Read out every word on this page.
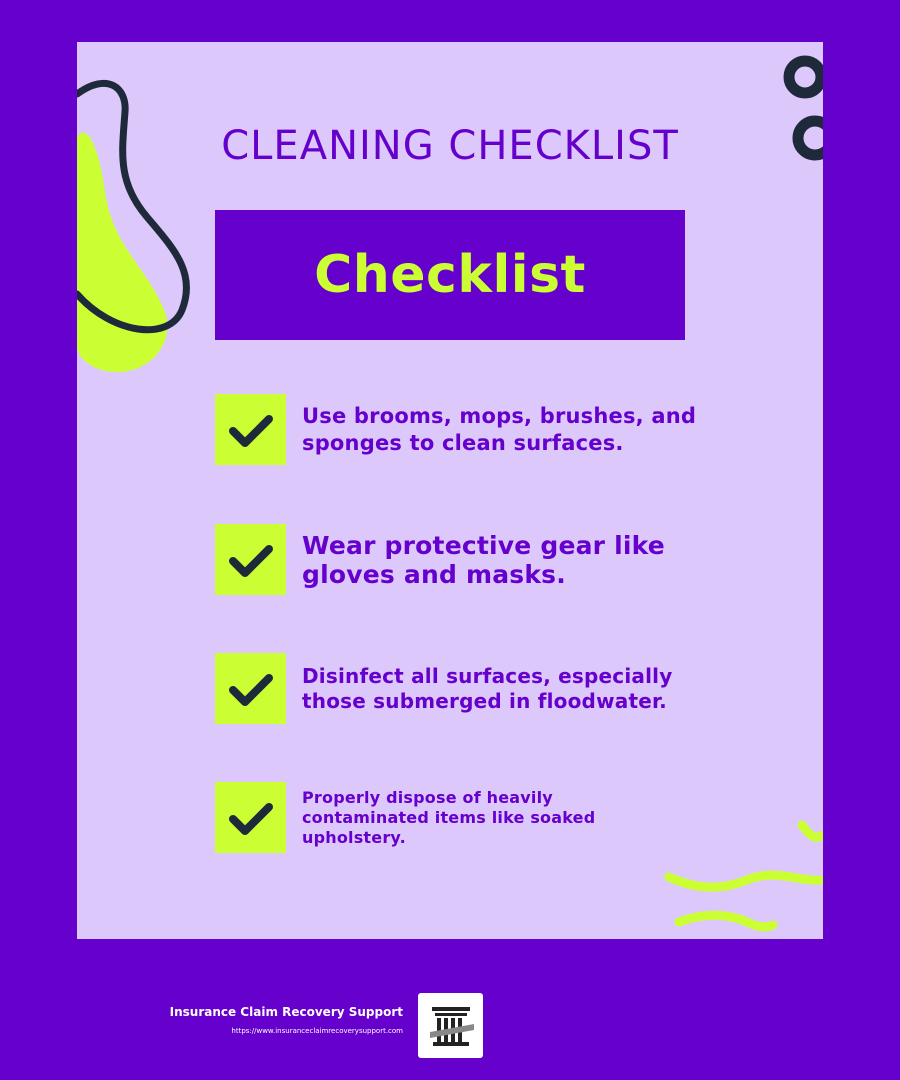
CLEANING CHECKLIST
Checklist
Use brooms, mops, brushes, and sponges to clean surfaces.
Wear protective gear like gloves and masks.
Disinfect all surfaces, especially those submerged in floodwater.
Properly dispose of heavily contaminated items like soaked upholstery.
Insurance Claim Recovery Support
https://www.insuranceclaimrecoverysupport.com
